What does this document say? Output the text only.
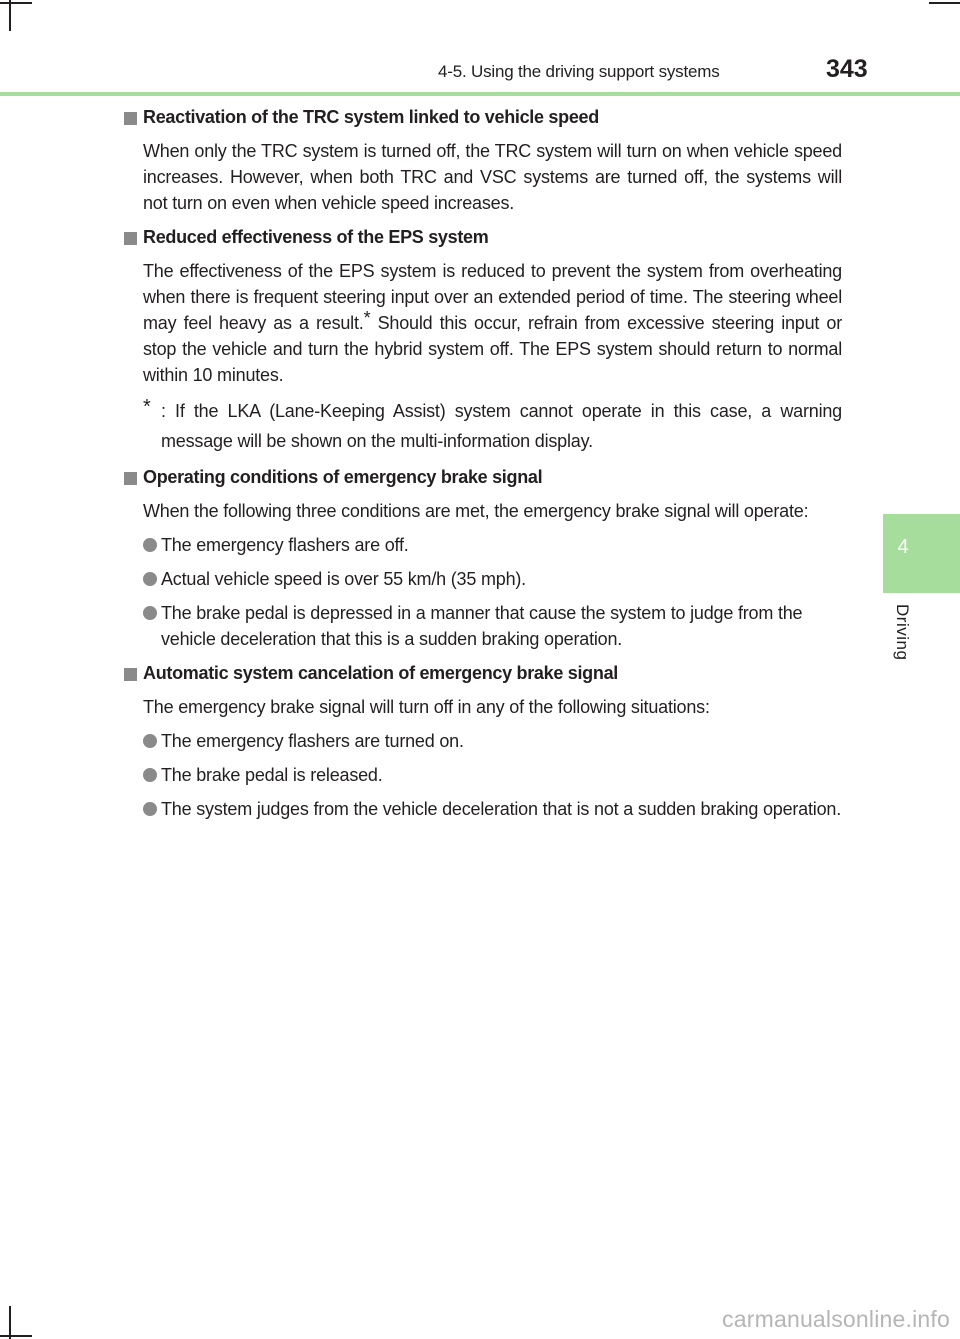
4-5. Using the driving support systems	343
4
Driving
Reactivation of the TRC system linked to vehicle speed

When only the TRC system is turned off, the TRC system will turn on when vehicle speed increases. However, when both TRC and VSC systems are turned off, the systems will not turn on even when vehicle speed increases.

Reduced effectiveness of the EPS system

The effectiveness of the EPS system is reduced to prevent the system from overheating when there is frequent steering input over an extended period of time. The steering wheel may feel heavy as a result.* Should this occur, refrain from excessive steering input or stop the vehicle and turn the hybrid system off. The EPS system should return to normal within 10 minutes.

* : If the LKA (Lane-Keeping Assist) system cannot operate in this case, a warning message will be shown on the multi-information display.

Operating conditions of emergency brake signal

When the following three conditions are met, the emergency brake signal will operate:

The emergency flashers are off.
Actual vehicle speed is over 55 km/h (35 mph).
The brake pedal is depressed in a manner that cause the system to judge from the vehicle deceleration that this is a sudden braking operation.
Automatic system cancelation of emergency brake signal

The emergency brake signal will turn off in any of the following situations:

The emergency flashers are turned on.
The brake pedal is released.
The system judges from the vehicle deceleration that is not a sudden braking operation.
carmanualsonline.info
